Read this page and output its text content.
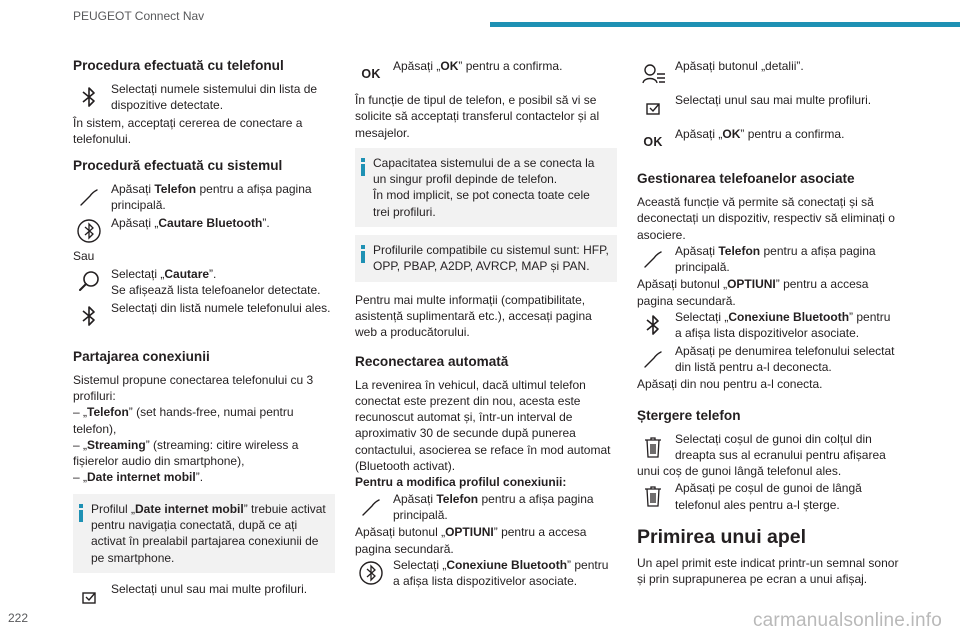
PEUGEOT Connect Nav
Procedura efectuată cu telefonul
Selectați numele sistemului din lista de dispozitive detectate.

În sistem, acceptați cererea de conectare a telefonului.

Procedură efectuată cu sistemul
Apăsați Telefon pentru a afișa pagina principală.
Apăsați „Cautare Bluetooth”.

Sau

Selectați „Cautare”.
Se afișează lista telefoanelor detectate.
Selectați din listă numele telefonului ales.
Partajarea conexiunii

Sistemul propune conectarea telefonului cu 3 profiluri:

– „Telefon” (set hands-free, numai pentru telefon),
– „Streaming” (streaming: citire wireless a fișierelor audio din smartphone),
– „Date internet mobil”.
Profilul „Date internet mobil” trebuie activat pentru navigația conectată, după ce ați activat în prealabil partajarea conexiunii de pe smartphone.
Selectați unul sau mai multe profiluri.
OK
Apăsați „OK” pentru a confirma.

În funcție de tipul de telefon, e posibil să vi se solicite să acceptați transferul contactelor și al mesajelor.

Capacitatea sistemului de a se conecta la un singur profil depinde de telefon.
În mod implicit, se pot conecta toate cele trei profiluri.
Profilurile compatibile cu sistemul sunt: HFP, OPP, PBAP, A2DP, AVRCP, MAP și PAN.

Pentru mai multe informații (compatibilitate, asistență suplimentară etc.), accesați pagina web a producătorului.

Reconectarea automată

La revenirea în vehicul, dacă ultimul telefon conectat este prezent din nou, acesta este recunoscut automat și, într-un interval de aproximativ 30 de secunde după punerea contactului, asocierea se reface în mod automat (Bluetooth activat).

Pentru a modifica profilul conexiunii:
Apăsați Telefon pentru a afișa pagina principală.
Apăsați butonul „OPTIUNI” pentru a accesa pagina secundară.
Selectați „Conexiune Bluetooth” pentru a afișa lista dispozitivelor asociate.
Apăsați butonul „detalii”.
Selectați unul sau mai multe profiluri.
OK
Apăsați „OK” pentru a confirma.
Gestionarea telefoanelor asociate

Această funcție vă permite să conectați și să deconectați un dispozitiv, respectiv să eliminați o asociere.

Apăsați Telefon pentru a afișa pagina principală.
Apăsați butonul „OPTIUNI” pentru a accesa pagina secundară.
Selectați „Conexiune Bluetooth” pentru a afișa lista dispozitivelor asociate.
Apăsați pe denumirea telefonului selectat din listă pentru a-l deconecta.

Apăsați din nou pentru a-l conecta.

Ștergere telefon
Selectați coșul de gunoi din colțul din dreapta sus al ecranului pentru afișarea unui coș de gunoi lângă telefonul ales.
Apăsați pe coșul de gunoi de lângă telefonul ales pentru a-l șterge.
Primirea unui apel

Un apel primit este indicat printr-un semnal sonor și prin suprapunerea pe ecran a unui afișaj.

222	carmanualsonline.info
